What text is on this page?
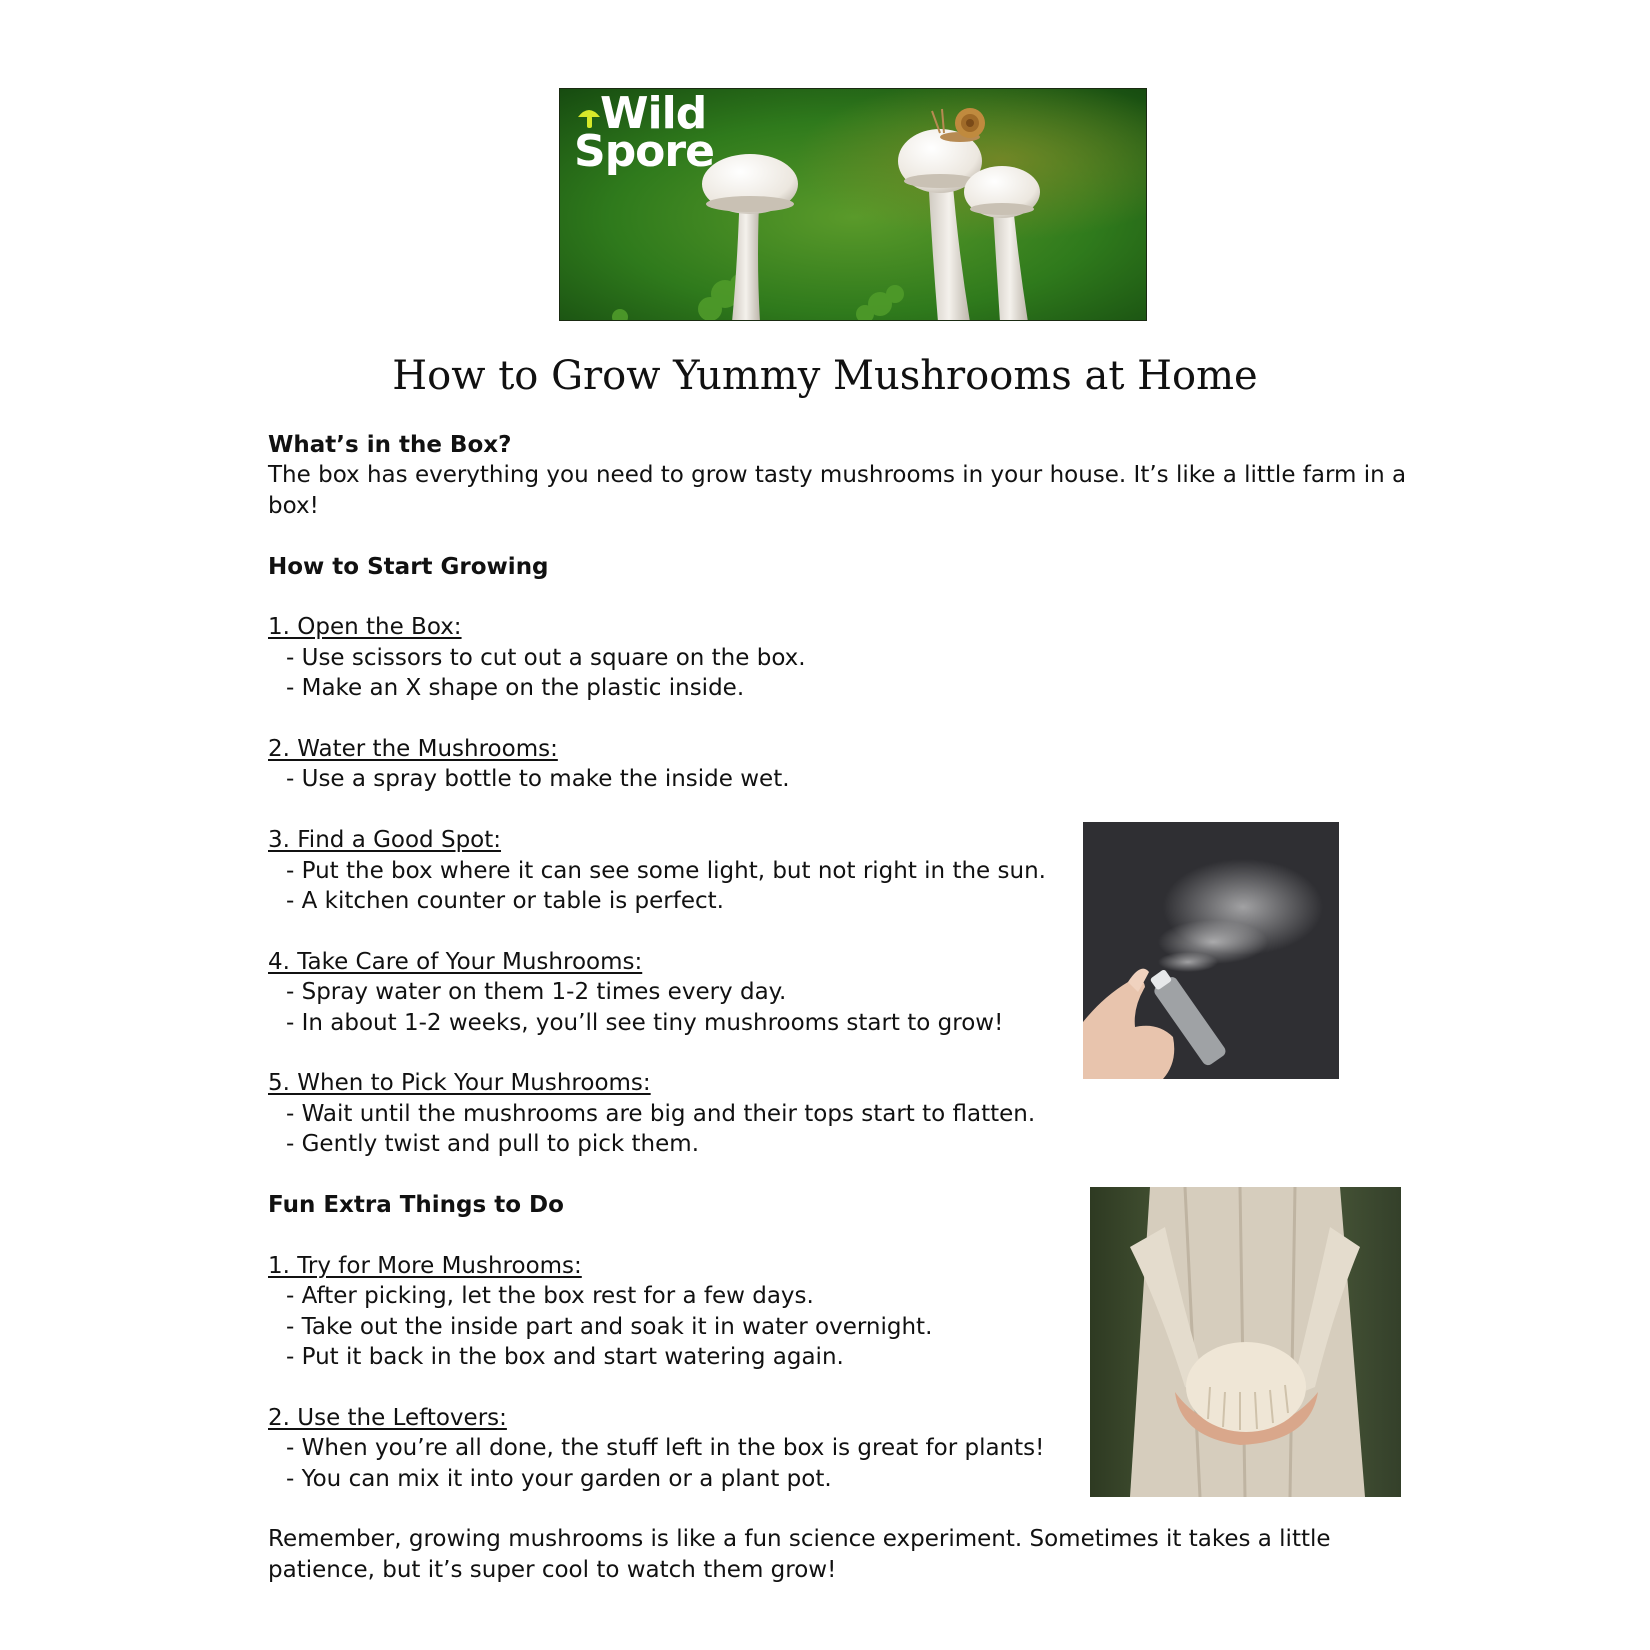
Wild
Spore
How to Grow Yummy Mushrooms at Home

What’s in the Box?

The box has everything you need to grow tasty mushrooms in your house. It’s like a little farm in a box!

How to Start Growing

1. Open the Box:

- Use scissors to cut out a square on the box.

- Make an X shape on the plastic inside.

2. Water the Mushrooms:

- Use a spray bottle to make the inside wet.

3. Find a Good Spot:

- Put the box where it can see some light, but not right in the sun.

- A kitchen counter or table is perfect.

4. Take Care of Your Mushrooms:

- Spray water on them 1-2 times every day.

- In about 1-2 weeks, you’ll see tiny mushrooms start to grow!

5. When to Pick Your Mushrooms:

- Wait until the mushrooms are big and their tops start to flatten.

- Gently twist and pull to pick them.

Fun Extra Things to Do

1. Try for More Mushrooms:

- After picking, let the box rest for a few days.

- Take out the inside part and soak it in water overnight.

- Put it back in the box and start watering again.

2. Use the Leftovers:

- When you’re all done, the stuff left in the box is great for plants!

- You can mix it into your garden or a plant pot.

Remember, growing mushrooms is like a fun science experiment. Sometimes it takes a little patience, but it’s super cool to watch them grow!
